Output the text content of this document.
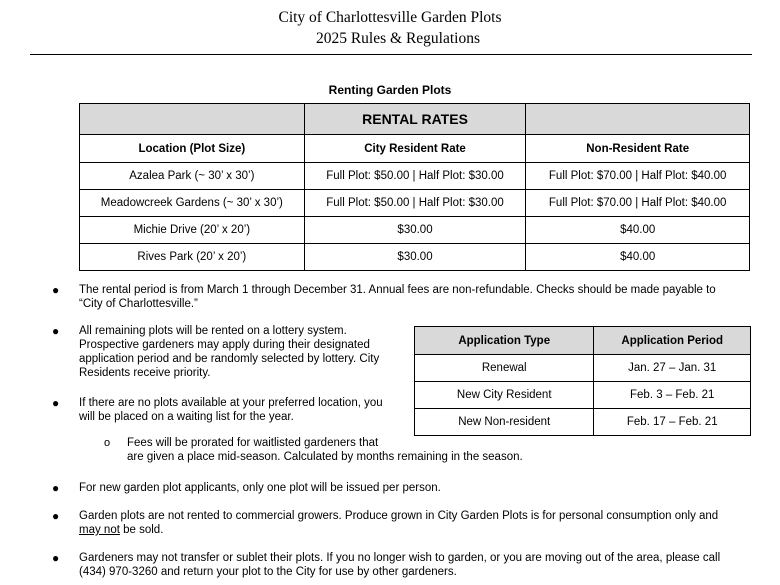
City of Charlottesville Garden Plots
2025 Rules & Regulations
Renting Garden Plots
	RENTAL RATES	
Location (Plot Size)	City Resident Rate	Non-Resident Rate
Azalea Park (~ 30’ x 30’)	Full Plot: $50.00 | Half Plot: $30.00	Full Plot: $70.00 | Half Plot: $40.00
Meadowcreek Gardens (~ 30’ x 30’)	Full Plot: $50.00 | Half Plot: $30.00	Full Plot: $70.00 | Half Plot: $40.00
Michie Drive (20’ x 20’)	$30.00	$40.00
Rives Park (20’ x 20’)	$30.00	$40.00
● The rental period is from March 1 through December 31. Annual fees are non-refundable. Checks should be made payable to
“City of Charlottesville.”
● All remaining plots will be rented on a lottery system.
Prospective gardeners may apply during their designated
application period and be randomly selected by lottery. City
Residents receive priority.
Application Type	Application Period
Renewal	Jan. 27 – Jan. 31
New City Resident	Feb. 3 – Feb. 21
New Non-resident	Feb. 17 – Feb. 21
● If there are no plots available at your preferred location, you
will be placed on a waiting list for the year.
o Fees will be prorated for waitlisted gardeners that
are given a place mid-season. Calculated by months remaining in the season.
● For new garden plot applicants, only one plot will be issued per person.
● Garden plots are not rented to commercial growers. Produce grown in City Garden Plots is for personal consumption only and
may not be sold.
● Gardeners may not transfer or sublet their plots. If you no longer wish to garden, or you are moving out of the area, please call
(434) 970-3260 and return your plot to the City for use by other gardeners.
